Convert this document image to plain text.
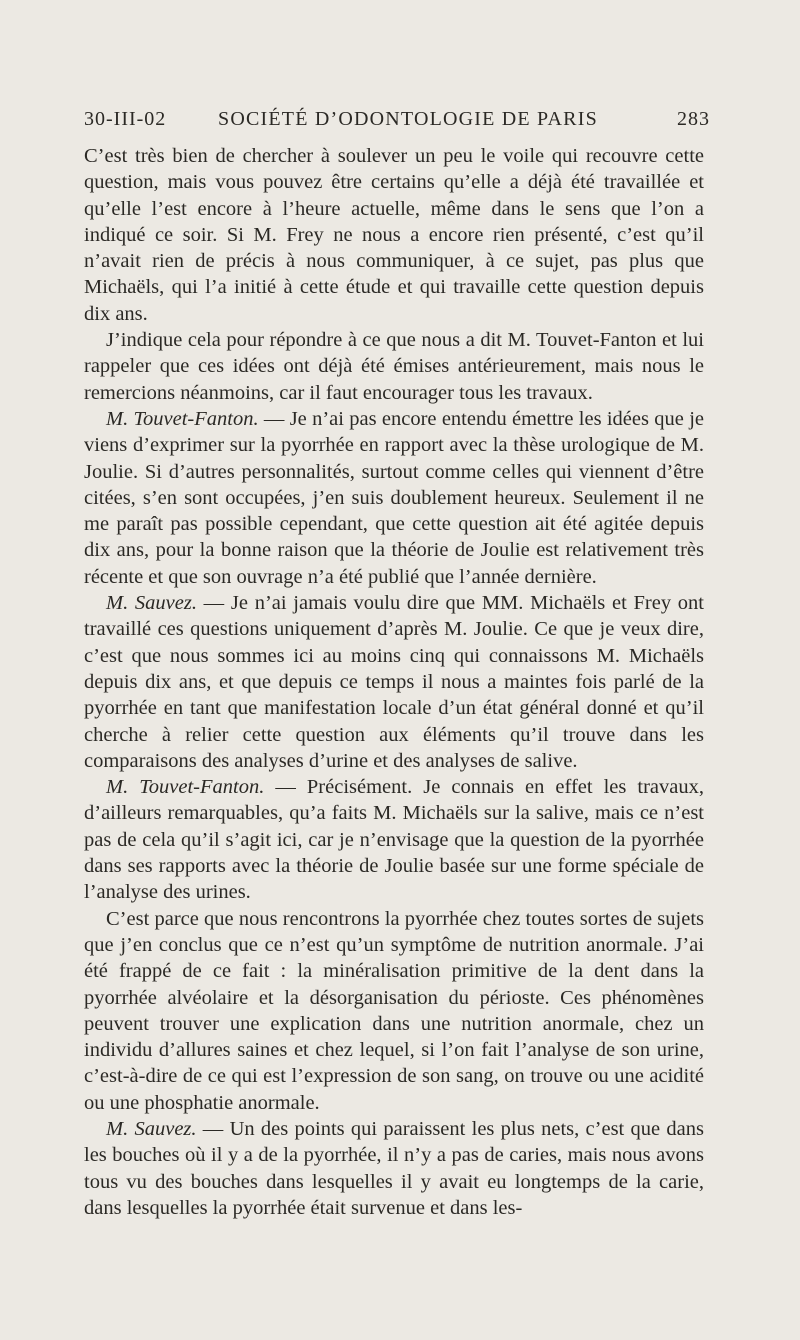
30-III-02	SOCIÉTÉ D’ODONTOLOGIE DE PARIS	283

C’est très bien de chercher à soulever un peu le voile qui recouvre cette question, mais vous pouvez être certains qu’elle a déjà été travaillée et qu’elle l’est encore à l’heure actuelle, même dans le sens que l’on a indiqué ce soir. Si M. Frey ne nous a encore rien présenté, c’est qu’il n’avait rien de précis à nous communiquer, à ce sujet, pas plus que Michaëls, qui l’a initié à cette étude et qui travaille cette question depuis dix ans.

J’indique cela pour répondre à ce que nous a dit M. Touvet-Fanton et lui rappeler que ces idées ont déjà été émises antérieurement, mais nous le remercions néanmoins, car il faut encourager tous les travaux.

M. Touvet-Fanton. — Je n’ai pas encore entendu émettre les idées que je viens d’exprimer sur la pyorrhée en rapport avec la thèse urologique de M. Joulie. Si d’autres personnalités, surtout comme celles qui viennent d’être citées, s’en sont occupées, j’en suis doublement heureux. Seulement il ne me paraît pas possible cependant, que cette question ait été agitée depuis dix ans, pour la bonne raison que la théorie de Joulie est relativement très récente et que son ouvrage n’a été publié que l’année dernière.

M. Sauvez. — Je n’ai jamais voulu dire que MM. Michaëls et Frey ont travaillé ces questions uniquement d’après M. Joulie. Ce que je veux dire, c’est que nous sommes ici au moins cinq qui connaissons M. Michaëls depuis dix ans, et que depuis ce temps il nous a maintes fois parlé de la pyorrhée en tant que manifestation locale d’un état général donné et qu’il cherche à relier cette question aux éléments qu’il trouve dans les comparaisons des analyses d’urine et des analyses de salive.

M. Touvet-Fanton. — Précisément. Je connais en effet les travaux, d’ailleurs remarquables, qu’a faits M. Michaëls sur la salive, mais ce n’est pas de cela qu’il s’agit ici, car je n’envisage que la question de la pyorrhée dans ses rapports avec la théorie de Joulie basée sur une forme spéciale de l’analyse des urines.

C’est parce que nous rencontrons la pyorrhée chez toutes sortes de sujets que j’en conclus que ce n’est qu’un symptôme de nutrition anormale. J’ai été frappé de ce fait : la minéralisation primitive de la dent dans la pyorrhée alvéolaire et la désorganisation du périoste. Ces phénomènes peuvent trouver une explication dans une nutrition anormale, chez un individu d’allures saines et chez lequel, si l’on fait l’analyse de son urine, c’est-à-dire de ce qui est l’expression de son sang, on trouve ou une acidité ou une phosphatie anormale.

M. Sauvez. — Un des points qui paraissent les plus nets, c’est que dans les bouches où il y a de la pyorrhée, il n’y a pas de caries, mais nous avons tous vu des bouches dans lesquelles il y avait eu longtemps de la carie, dans lesquelles la pyorrhée était survenue et dans les-
